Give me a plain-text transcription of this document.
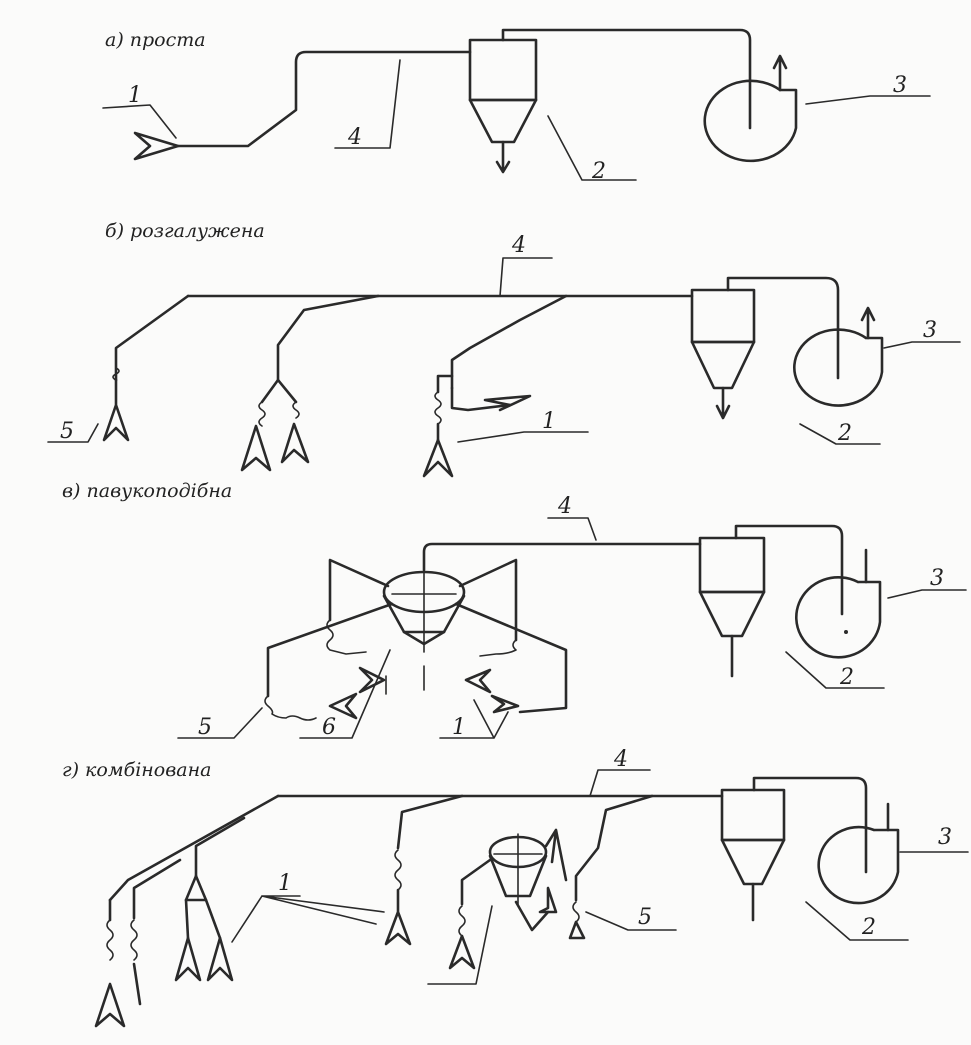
а) проста
1
4
2
3
б) розгалужена
4
3
5	1	2
в) павукоподібна
4
3
2
5	6	1
г) комбінована	4
3
1
5	2
